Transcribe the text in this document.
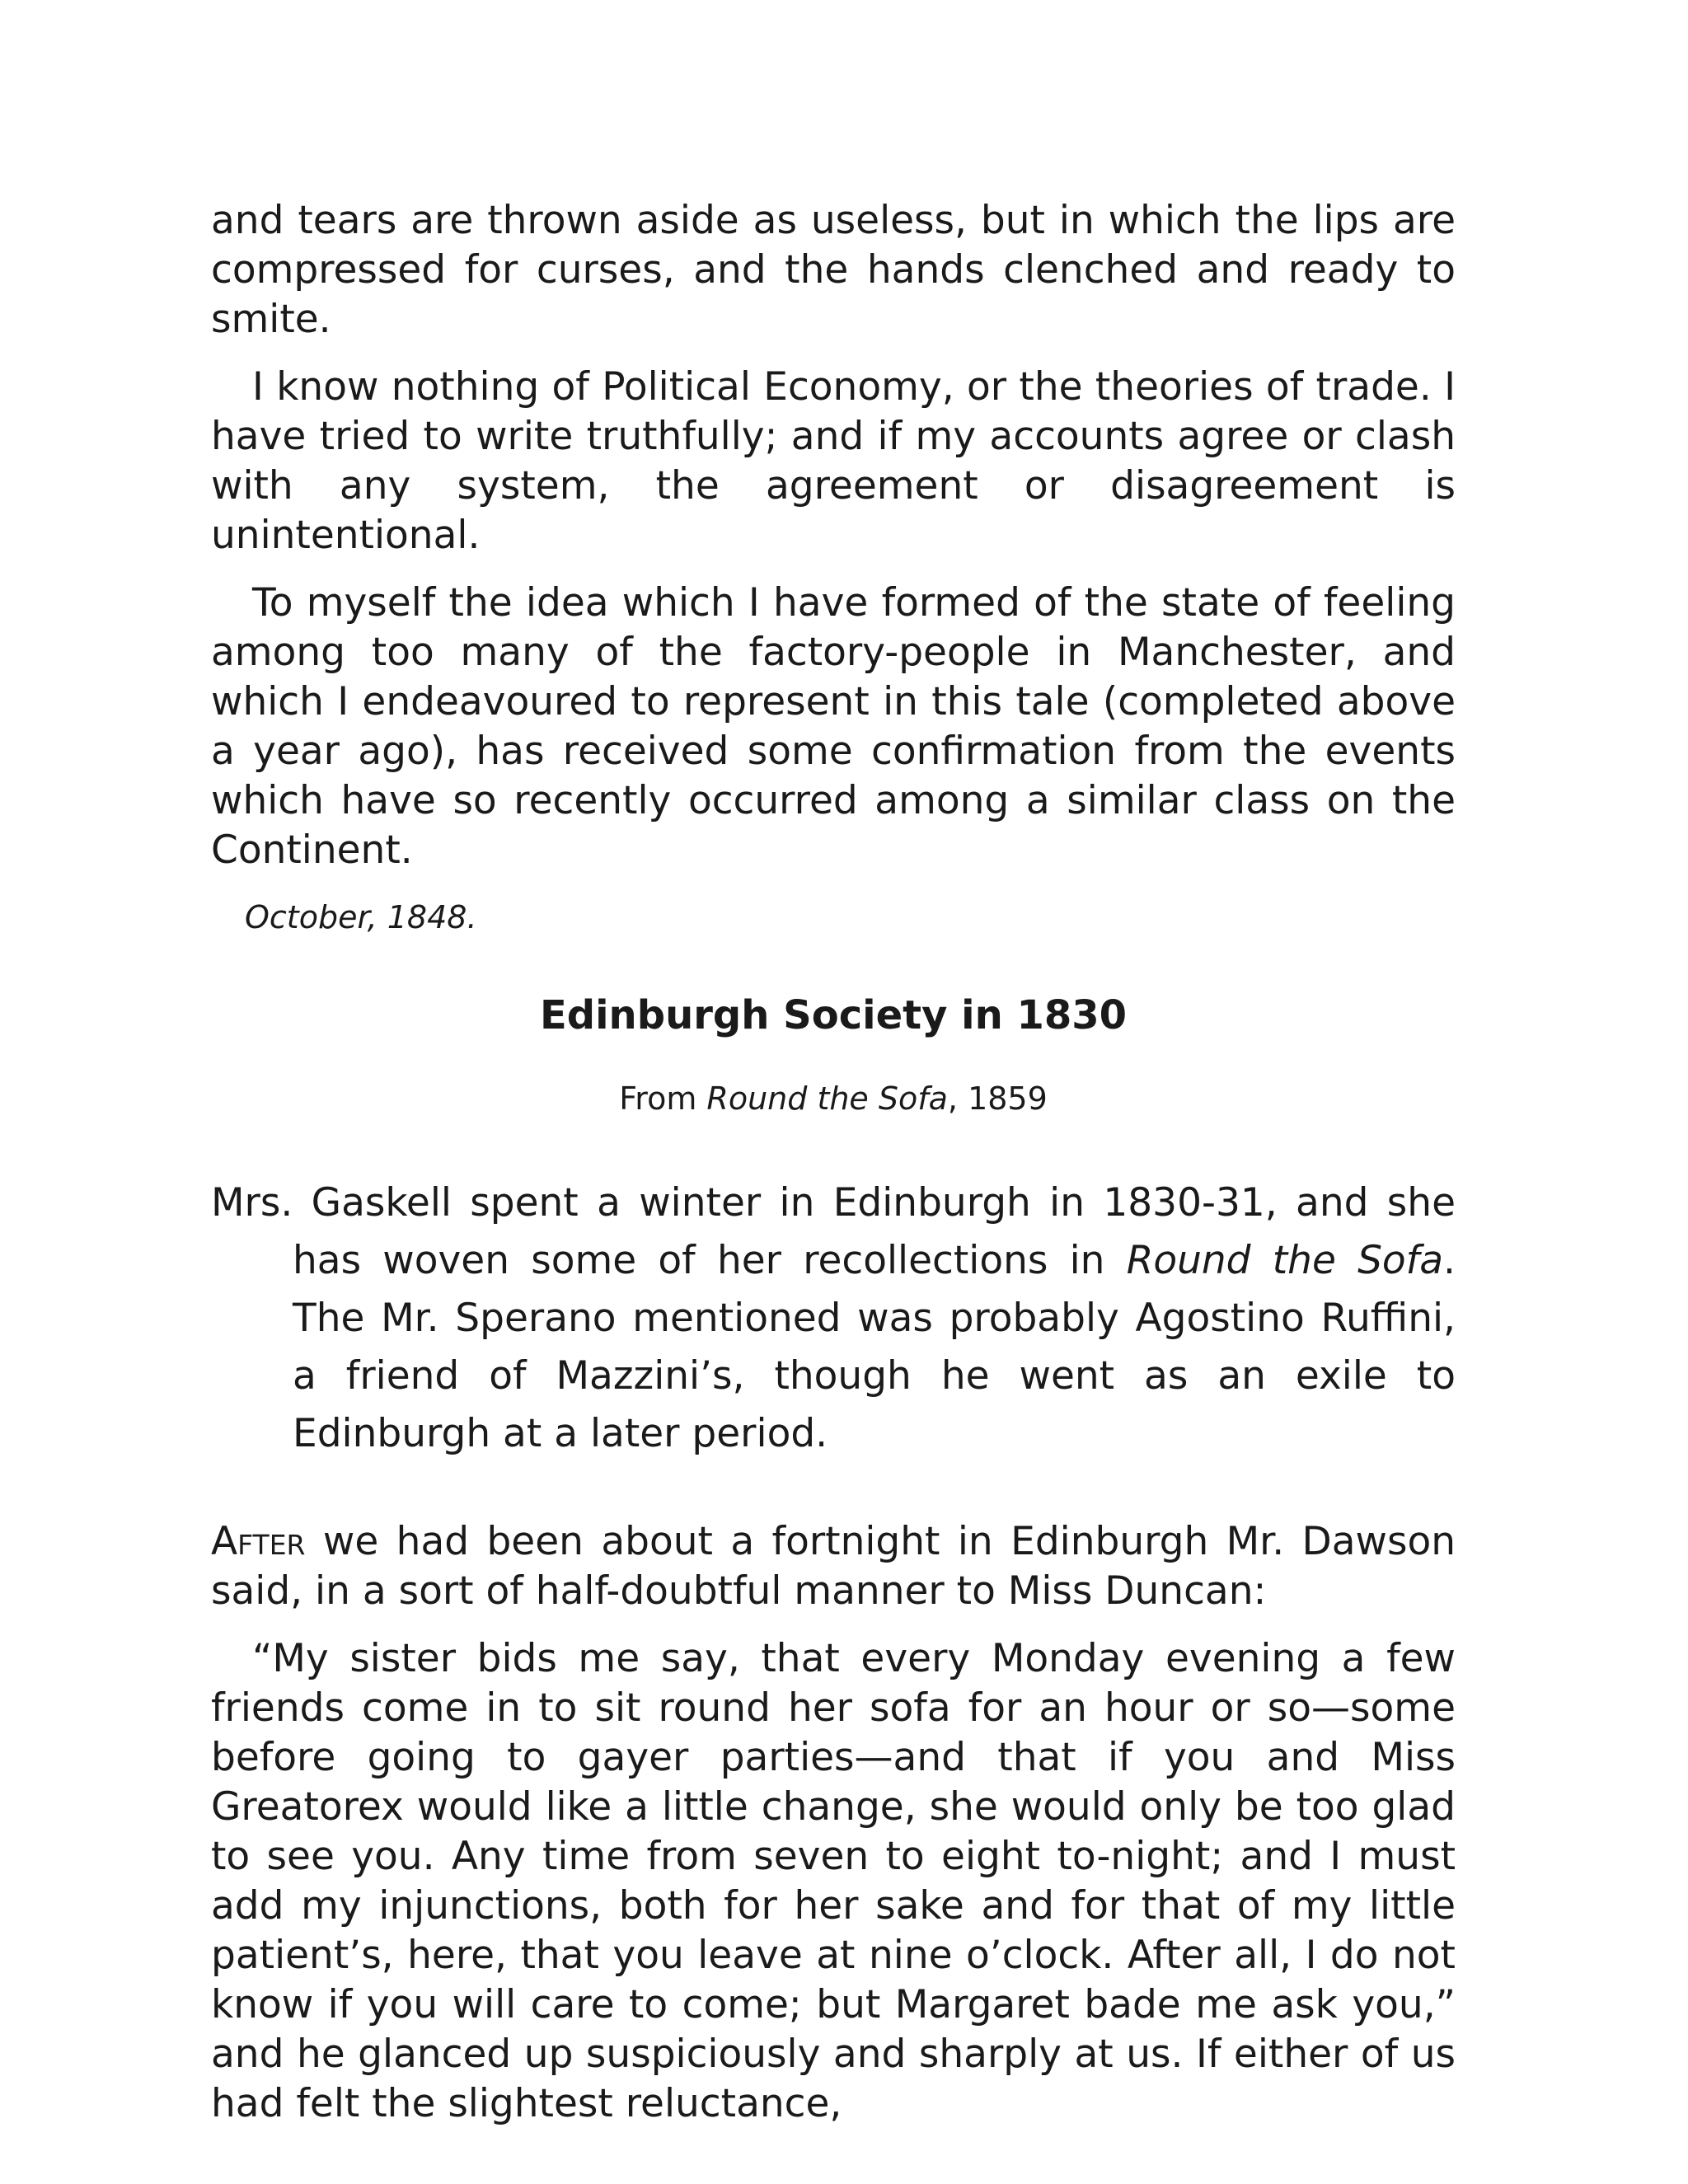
and tears are thrown aside as useless, but in which the lips are compressed for curses, and the hands clenched and ready to smite.

I know nothing of Political Economy, or the theories of trade. I have tried to write truthfully; and if my accounts agree or clash with any system, the agreement or disagreement is unintentional.

To myself the idea which I have formed of the state of feeling among too many of the factory-people in Manchester, and which I endeavoured to represent in this tale (completed above a year ago), has received some confirmation from the events which have so recently occurred among a similar class on the Continent.

October, 1848.
Edinburgh Society in 1830
From Round the Sofa, 1859
Mrs. Gaskell spent a winter in Edinburgh in 1830-31, and she has woven some of her recollections in Round the Sofa. The Mr. Sperano mentioned was probably Agostino Ruffini, a friend of Mazzini’s, though he went as an exile to Edinburgh at a later period.

After we had been about a fortnight in Edinburgh Mr. Dawson said, in a sort of half-doubtful manner to Miss Duncan:

“My sister bids me say, that every Monday evening a few friends come in to sit round her sofa for an hour or so—some before going to gayer parties—and that if you and Miss Greatorex would like a little change, she would only be too glad to see you. Any time from seven to eight to-night; and I must add my injunctions, both for her sake and for that of my little patient’s, here, that you leave at nine o’clock. After all, I do not know if you will care to come; but Margaret bade me ask you,” and he glanced up suspiciously and sharply at us. If either of us had felt the slightest reluctance,
